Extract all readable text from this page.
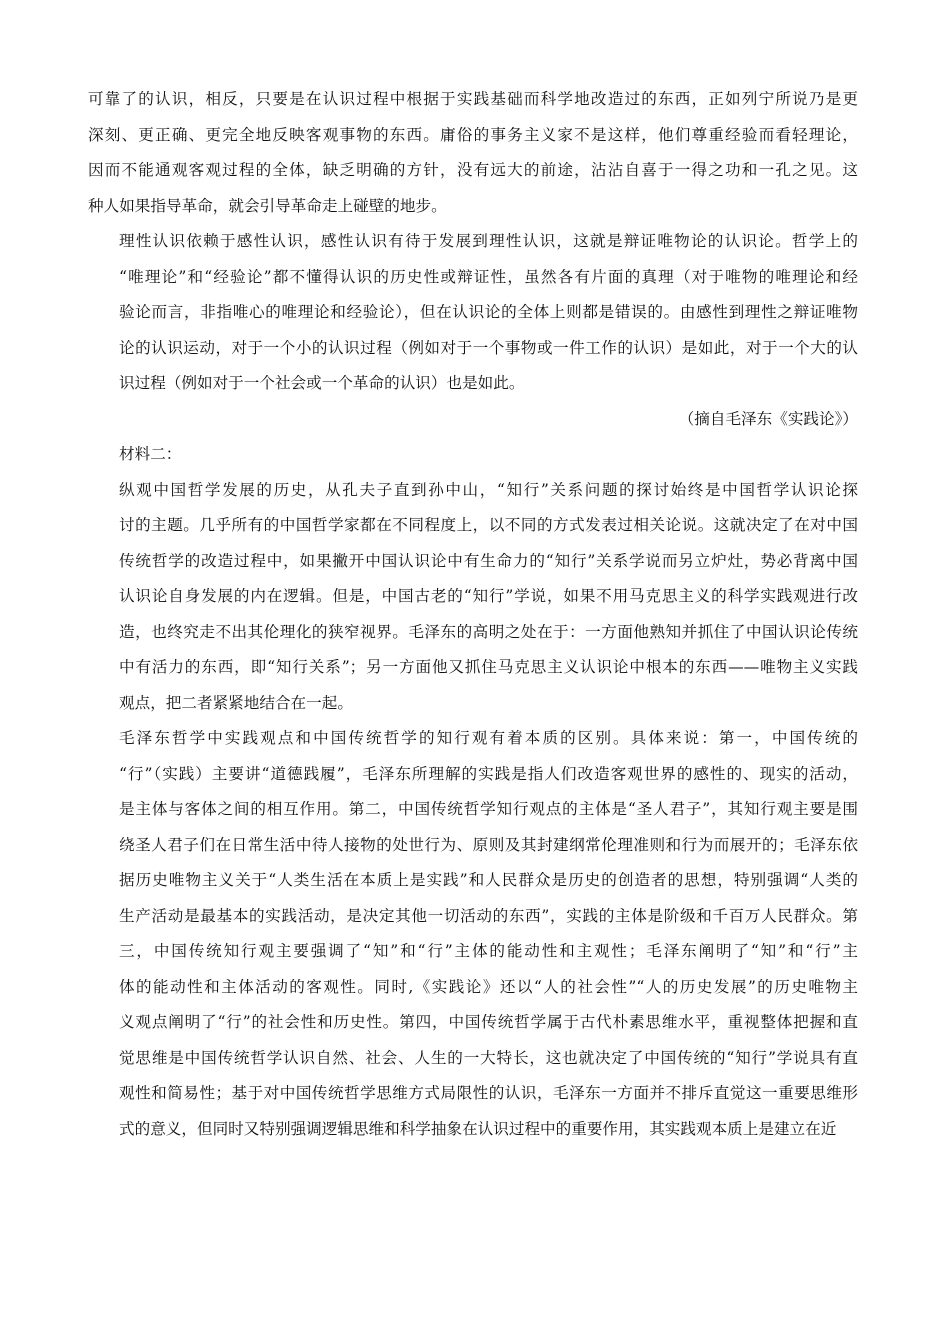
可靠了的认识，相反，只要是在认识过程中根据于实践基础而科学地改造过的东西，正如列宁所说乃是更
深刻、更正确、更完全地反映客观事物的东西。庸俗的事务主义家不是这样，他们尊重经验而看轻理论，
因而不能通观客观过程的全体，缺乏明确的方针，没有远大的前途，沾沾自喜于一得之功和一孔之见。这
种人如果指导革命，就会引导革命走上碰壁的地步。

理性认识依赖于感性认识，感性认识有待于发展到理性认识，这就是辩证唯物论的认识论。哲学上的
“唯理论”和“经验论”都不懂得认识的历史性或辩证性，虽然各有片面的真理（对于唯物的唯理论和经
验论而言，非指唯心的唯理论和经验论），但在认识论的全体上则都是错误的。由感性到理性之辩证唯物
论的认识运动，对于一个小的认识过程（例如对于一个事物或一件工作的认识）是如此，对于一个大的认
识过程（例如对于一个社会或一个革命的认识）也是如此。

（摘自毛泽东《实践论》）

材料二：

纵观中国哲学发展的历史，从孔夫子直到孙中山，“知行”关系问题的探讨始终是中国哲学认识论探
讨的主题。几乎所有的中国哲学家都在不同程度上，以不同的方式发表过相关论说。这就决定了在对中国
传统哲学的改造过程中，如果撇开中国认识论中有生命力的“知行”关系学说而另立炉灶，势必背离中国
认识论自身发展的内在逻辑。但是，中国古老的“知行”学说，如果不用马克思主义的科学实践观进行改
造，也终究走不出其伦理化的狭窄视界。毛泽东的高明之处在于：一方面他熟知并抓住了中国认识论传统
中有活力的东西，即“知行关系”；另一方面他又抓住马克思主义认识论中根本的东西——唯物主义实践
观点，把二者紧紧地结合在一起。

毛泽东哲学中实践观点和中国传统哲学的知行观有着本质的区别。具体来说：第一，中国传统的
“行”（实践）主要讲“道德践履”，毛泽东所理解的实践是指人们改造客观世界的感性的、现实的活动，
是主体与客体之间的相互作用。第二，中国传统哲学知行观点的主体是“圣人君子”，其知行观主要是围
绕圣人君子们在日常生活中待人接物的处世行为、原则及其封建纲常伦理准则和行为而展开的；毛泽东依
据历史唯物主义关于“人类生活在本质上是实践”和人民群众是历史的创造者的思想，特别强调“人类的
生产活动是最基本的实践活动，是决定其他一切活动的东西”，实践的主体是阶级和千百万人民群众。第
三，中国传统知行观主要强调了“知”和“行”主体的能动性和主观性；毛泽东阐明了“知”和“行”主
体的能动性和主体活动的客观性。同时,《实践论》还以“人的社会性”“人的历史发展”的历史唯物主
义观点阐明了“行”的社会性和历史性。第四，中国传统哲学属于古代朴素思维水平，重视整体把握和直
觉思维是中国传统哲学认识自然、社会、人生的一大特长，这也就决定了中国传统的“知行”学说具有直
观性和简易性；基于对中国传统哲学思维方式局限性的认识，毛泽东一方面并不排斥直觉这一重要思维形
式的意义，但同时又特别强调逻辑思维和科学抽象在认识过程中的重要作用，其实践观本质上是建立在近
